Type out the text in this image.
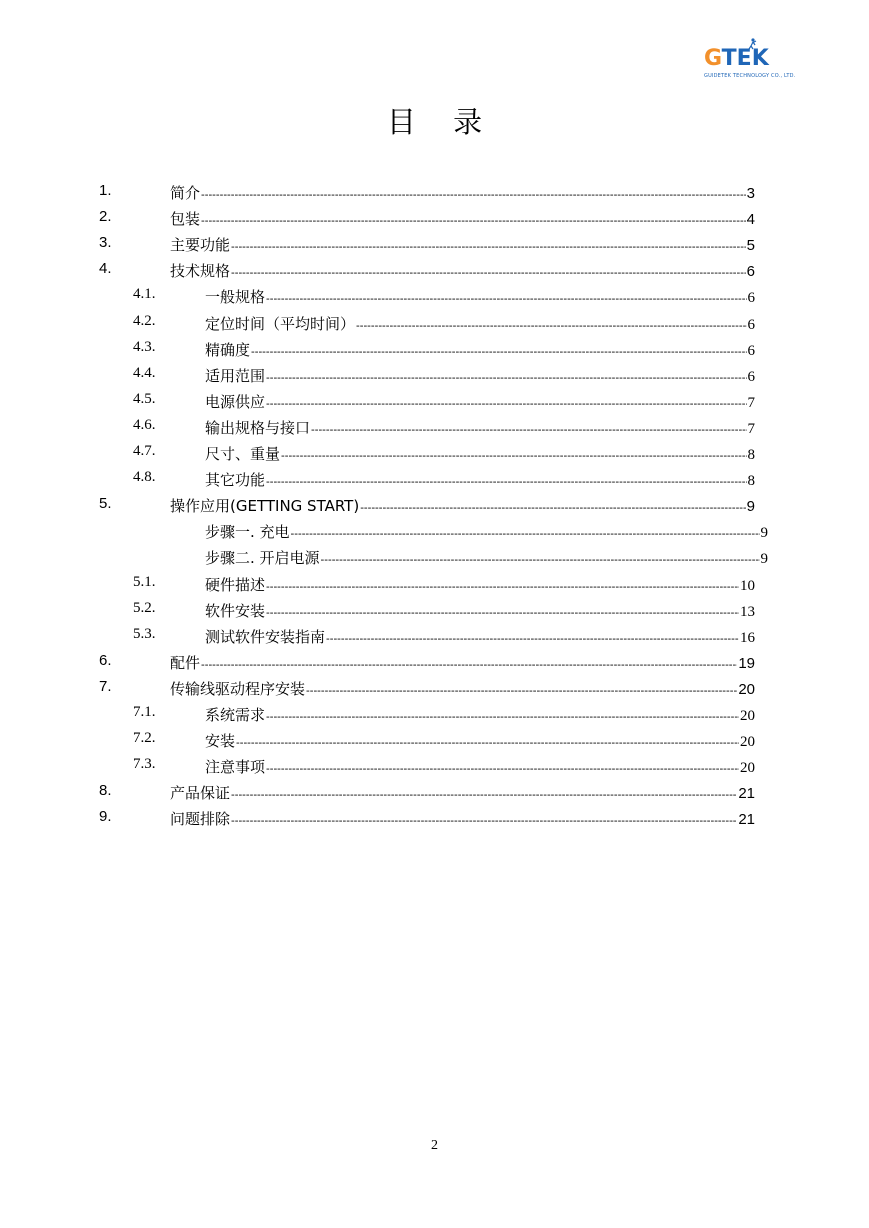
GTEK
GUIDETEK TECHNOLOGY CO., LTD.
目 录
1.	简介 -----	3
2.	包装 -----	4
3.	主要功能 -----	5
4.	技术规格 -----	6
4.1.	一般规格 -----	6
4.2.	定位时间（平均时间） -----	6
4.3.	精确度 -----	6
4.4.	适用范围 -----	6
4.5.	电源供应 -----	7
4.6.	输出规格与接口 -----	7
4.7.	尺寸、重量 -----	8
4.8.	其它功能 -----	8
5.	操作应用(GETTING START) -----	9
步骤一. 充电 -----	9
步骤二. 开启电源 -----	9
5.1.	硬件描述 -----	10
5.2.	软件安装 -----	13
5.3.	测试软件安装指南 -----	16
6.	配件 -----	19
7.	传输线驱动程序安装 -----	20
7.1.	系统需求 -----	20
7.2.	安装 -----	20
7.3.	注意事项 -----	20
8.	产品保证 -----	21
9.	问题排除 -----	21
2
